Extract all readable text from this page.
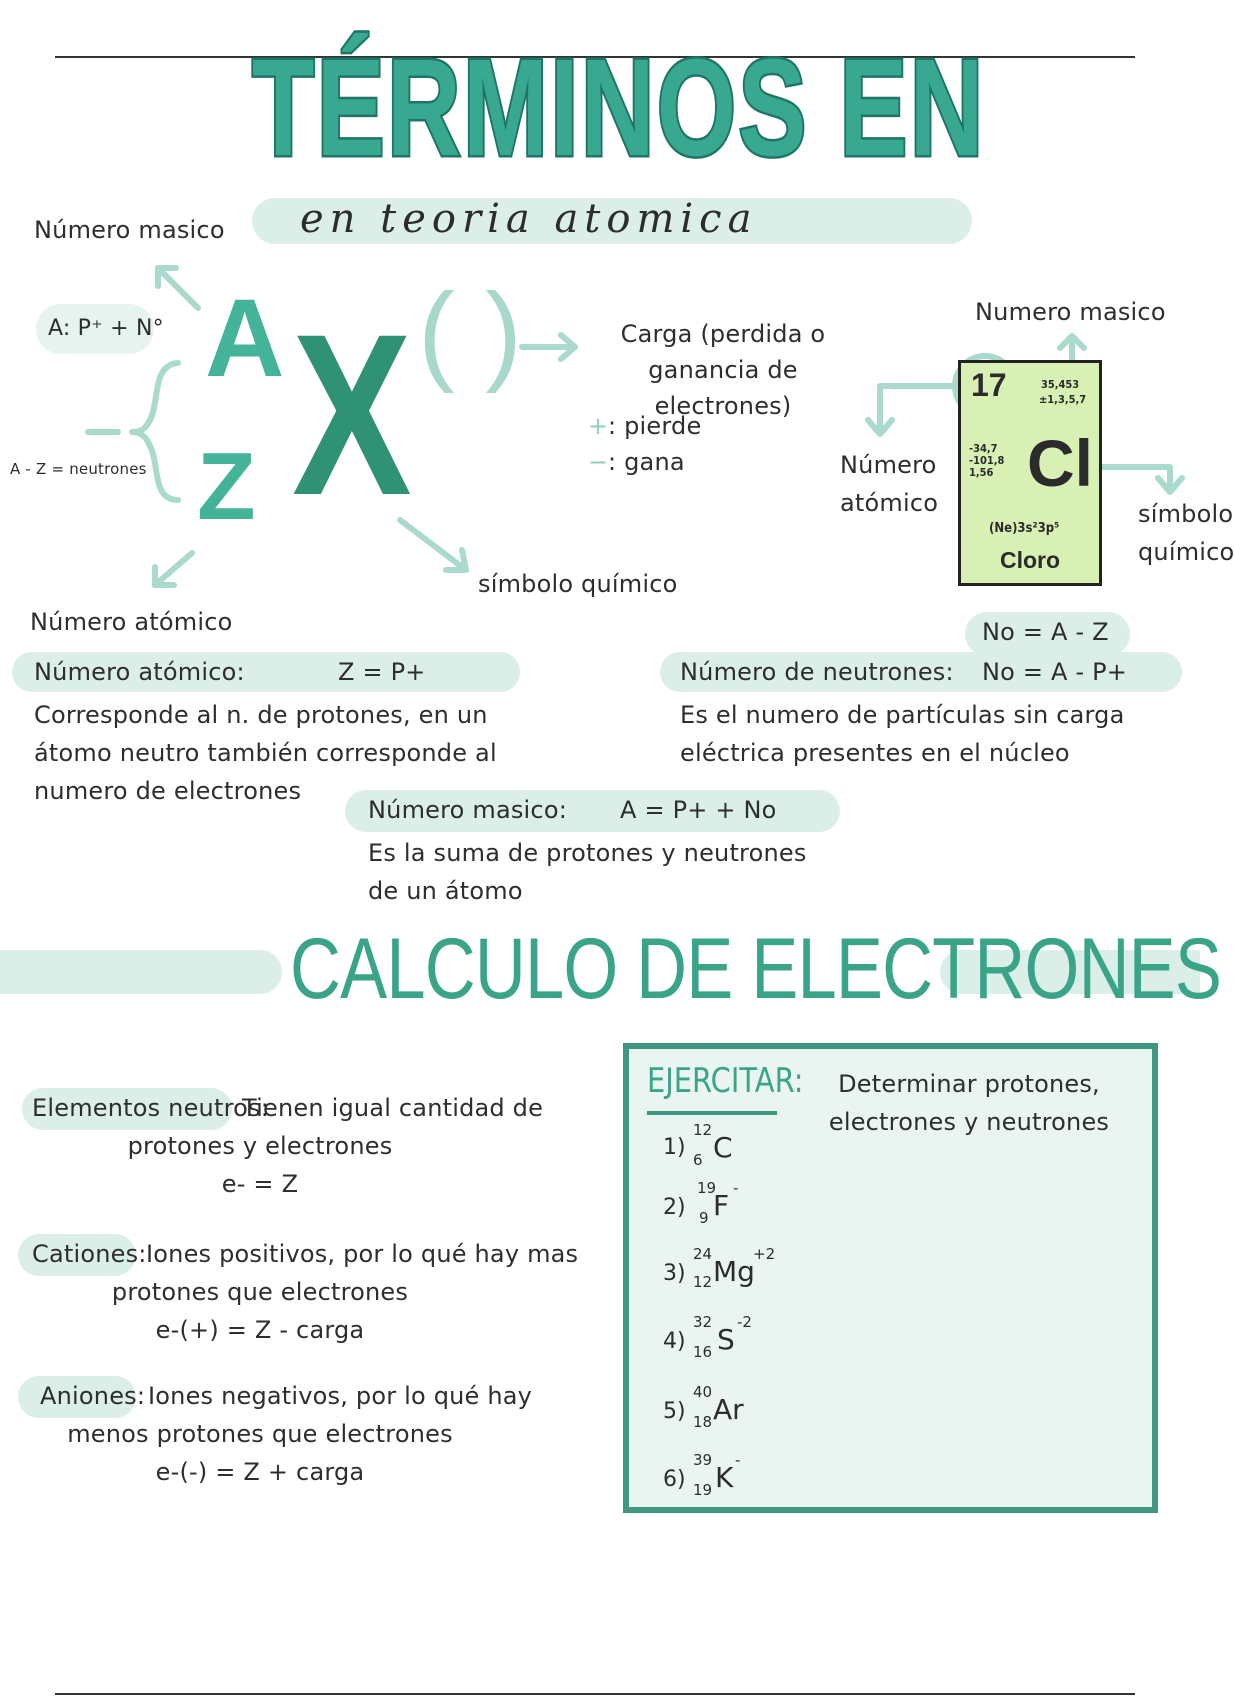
TÉRMINOS EN
en teoria atomica
Número masico
A: P⁺ + N°
A - Z = neutrones
A
Z X ( )	Carga (perdida o ganancia de electrones)
+ : pierde
− : gana
símbolo químico
Número atómico
Numero masico
Número atómico	símbolo químico
17	35,453
±1,3,5,7
-34,7
-101,8
1,56 Cl
(Ne)3s²3p⁵
Cloro
No = A - Z
Número atómico:	Z = P+
Corresponde al n. de protones, en un átomo neutro también corresponde al numero de electrones
Número de neutrones: No = A - P+
Es el numero de partículas sin carga eléctrica presentes en el núcleo
Número masico: A = P+ + No
Es la suma de protones y neutrones de un átomo
CALCULO DE ELECTRONES
Elementos neutros:
Tienen igual cantidad de
protones y electrones
e- = Z
Cationes: Iones positivos, por lo qué hay mas
protones que electrones
e-(+) = Z - carga
Aniones: Iones negativos, por lo qué hay
menos protones que electrones
e-(-) = Z + carga
EJERCITAR:	Determinar protones, electrones y neutrones
1)
12
6 C
2)
19
9 F
-
3)
24
12 Mg
+2
4)
32
16 S
-2
5)
40
18 Ar
6)
39
19 K
-
